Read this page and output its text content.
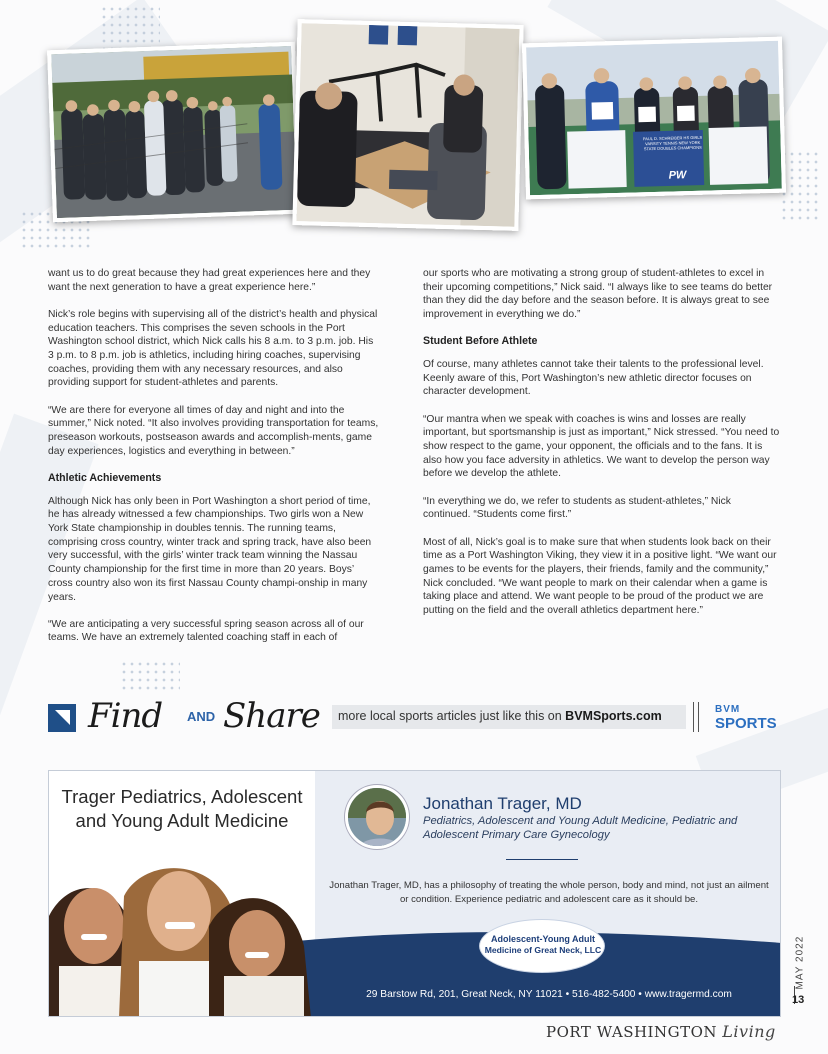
PAUL D. SCHREIBER HS GIRLS VARSITY TENNIS NEW YORK STATE DOUBLES CHAMPIONS
PW

want us to do great because they had great experiences here and they want the next generation to have a great experience here.”

Nick’s role begins with supervising all of the district’s health and physical education teachers. This comprises the seven schools in the Port Washington school district, which Nick calls his 8 a.m. to 3 p.m. job. His 3 p.m. to 8 p.m. job is athletics, including hiring coaches, supervising coaches, providing them with any necessary resources, and also providing support for student-athletes and parents.

“We are there for everyone all times of day and night and into the summer,” Nick noted. “It also involves providing transportation for teams, preseason workouts, postseason awards and accomplish-ments, game day experiences, logistics and everything in between.”

Athletic Achievements

Although Nick has only been in Port Washington a short period of time, he has already witnessed a few championships. Two girls won a New York State championship in doubles tennis. The running teams, comprising cross country, winter track and spring track, have also been very successful, with the girls’ winter track team winning the Nassau County championship for the first time in more than 20 years. Boys’ cross country also won its first Nassau County champi-onship in many years.

“We are anticipating a very successful spring season across all of our teams. We have an extremely talented coaching staff in each of

our sports who are motivating a strong group of student-athletes to excel in their upcoming competitions,” Nick said. “I always like to see teams do better than they did the day before and the season before. It is always great to see improvement in everything we do.”

Student Before Athlete

Of course, many athletes cannot take their talents to the professional level. Keenly aware of this, Port Washington’s new athletic director focuses on character development.

“Our mantra when we speak with coaches is wins and losses are really important, but sportsmanship is just as important,” Nick stressed. “You need to show respect to the game, your opponent, the officials and to the fans. It is also how you face adversity in athletics. We want to develop the person way before we develop the athlete.

“In everything we do, we refer to students as student-athletes,” Nick continued. “Students come first.”

Most of all, Nick’s goal is to make sure that when students look back on their time as a Port Washington Viking, they view it in a positive light. “We want our games to be events for the players, their friends, family and the community,” Nick concluded. “We want people to mark on their calendar when a game is taking place and attend. We want people to be proud of the product we are putting on the field and the overall athletics department here.”

Find AND Share more local sports articles just like this on BVMSports.com	BVM
SPORTS
Trager Pediatrics, Adolescent and Young Adult Medicine
Jonathan Trager, MD
Pediatrics, Adolescent and Young Adult Medicine, Pediatric and Adolescent Primary Care Gynecology
Jonathan Trager, MD, has a philosophy of treating the whole person, body and mind, not just an ailment or condition. Experience pediatric and adolescent care as it should be.
Adolescent-Young Adult
Medicine of Great Neck, LLC
29 Barstow Rd, 201, Great Neck, NY 11021 • 516-482-5400 • www.tragermd.com
MAY 2022
13
PORT WASHINGTON Living
